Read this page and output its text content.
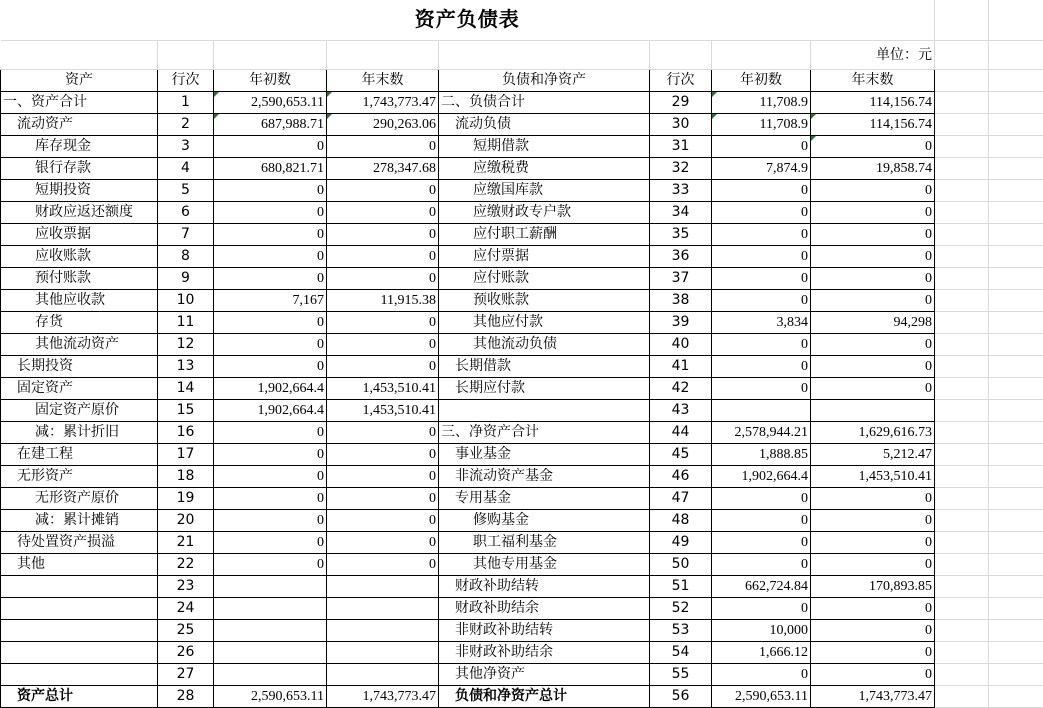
资产负债表									
							单位：元		
资产	行次	年初数	年末数	负债和净资产	行次	年初数	年末数		
一、资产合计	1	2,590,653.11	1,743,773.47	二、负债合计	29	11,708.9	114,156.74		
流动资产	2	687,988.71	290,263.06	流动负债	30	11,708.9	114,156.74		
库存现金	3	0	0	短期借款	31	0	0		
银行存款	4	680,821.71	278,347.68	应缴税费	32	7,874.9	19,858.74		
短期投资	5	0	0	应缴国库款	33	0	0		
财政应返还额度	6	0	0	应缴财政专户款	34	0	0		
应收票据	7	0	0	应付职工薪酬	35	0	0		
应收账款	8	0	0	应付票据	36	0	0		
预付账款	9	0	0	应付账款	37	0	0		
其他应收款	10	7,167	11,915.38	预收账款	38	0	0		
存货	11	0	0	其他应付款	39	3,834	94,298		
其他流动资产	12	0	0	其他流动负债	40	0	0		
长期投资	13	0	0	长期借款	41	0	0		
固定资产	14	1,902,664.4	1,453,510.41	长期应付款	42	0	0		
固定资产原价	15	1,902,664.4	1,453,510.41		43				
减：累计折旧	16	0	0	三、净资产合计	44	2,578,944.21	1,629,616.73		
在建工程	17	0	0	事业基金	45	1,888.85	5,212.47		
无形资产	18	0	0	非流动资产基金	46	1,902,664.4	1,453,510.41		
无形资产原价	19	0	0	专用基金	47	0	0		
减：累计摊销	20	0	0	修购基金	48	0	0		
待处置资产损溢	21	0	0	职工福利基金	49	0	0		
其他	22	0	0	其他专用基金	50	0	0		
	23			财政补助结转	51	662,724.84	170,893.85		
	24			财政补助结余	52	0	0		
	25			非财政补助结转	53	10,000	0		
	26			非财政补助结余	54	1,666.12	0		
	27			其他净资产	55	0	0		
资产总计	28	2,590,653.11	1,743,773.47	负债和净资产总计	56	2,590,653.11	1,743,773.47		
